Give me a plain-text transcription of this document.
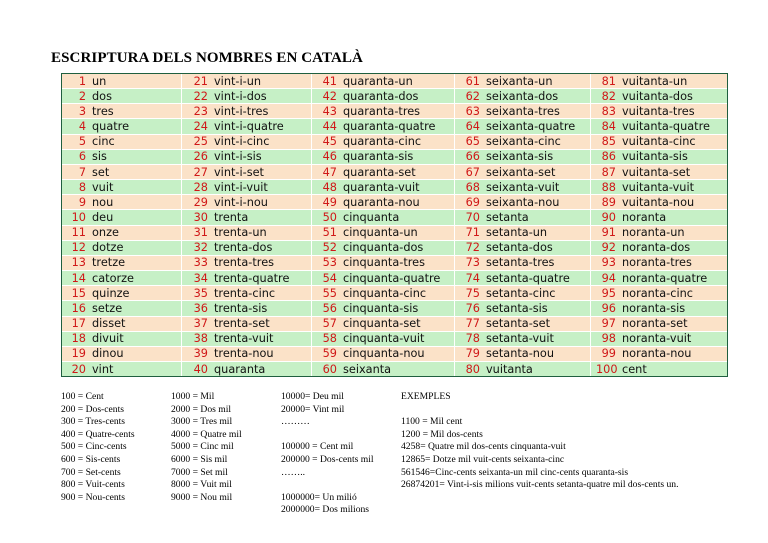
ESCRIPTURA DELS NOMBRES EN CATALÀ
1 un	21 vint-i-un	41 quaranta-un	61 seixanta-un	81 vuitanta-un
2 dos	22 vint-i-dos	42 quaranta-dos	62 seixanta-dos	82 vuitanta-dos
3 tres	23 vint-i-tres	43 quaranta-tres	63 seixanta-tres	83 vuitanta-tres
4 quatre	24 vint-i-quatre	44 quaranta-quatre	64 seixanta-quatre	84 vuitanta-quatre
5 cinc	25 vint-i-cinc	45 quaranta-cinc	65 seixanta-cinc	85 vuitanta-cinc
6 sis	26 vint-i-sis	46 quaranta-sis	66 seixanta-sis	86 vuitanta-sis
7 set	27 vint-i-set	47 quaranta-set	67 seixanta-set	87 vuitanta-set
8 vuit	28 vint-i-vuit	48 quaranta-vuit	68 seixanta-vuit	88 vuitanta-vuit
9 nou	29 vint-i-nou	49 quaranta-nou	69 seixanta-nou	89 vuitanta-nou
10 deu	30 trenta	50 cinquanta	70 setanta	90 noranta
11 onze	31 trenta-un	51 cinquanta-un	71 setanta-un	91 noranta-un
12 dotze	32 trenta-dos	52 cinquanta-dos	72 setanta-dos	92 noranta-dos
13 tretze	33 trenta-tres	53 cinquanta-tres	73 setanta-tres	93 noranta-tres
14 catorze	34 trenta-quatre	54 cinquanta-quatre	74 setanta-quatre	94 noranta-quatre
15 quinze	35 trenta-cinc	55 cinquanta-cinc	75 setanta-cinc	95 noranta-cinc
16 setze	36 trenta-sis	56 cinquanta-sis	76 setanta-sis	96 noranta-sis
17 disset	37 trenta-set	57 cinquanta-set	77 setanta-set	97 noranta-set
18 divuit	38 trenta-vuit	58 cinquanta-vuit	78 setanta-vuit	98 noranta-vuit
19 dinou	39 trenta-nou	59 cinquanta-nou	79 setanta-nou	99 noranta-nou
20 vint	40 quaranta	60 seixanta	80 vuitanta	100 cent
100 = Cent
200 = Dos-cents
300 = Tres-cents
400 = Quatre-cents
500 = Cinc-cents
600 = Sis-cents
700 = Set-cents
800 = Vuit-cents
900 = Nou-cents
1000 = Mil
2000 = Dos mil
3000 = Tres mil
4000 = Quatre mil
5000 = Cinc mil
6000 = Sis mil
7000 = Set mil
8000 = Vuit mil
9000 = Nou mil
10000= Deu mil
20000= Vint mil
………
100000 = Cent mil
200000 = Dos-cents mil
……..
1000000= Un milió
2000000= Dos milions
EXEMPLES
1100 = Mil cent
1200 = Mil dos-cents
4258= Quatre mil dos-cents cinquanta-vuit
12865= Dotze mil vuit-cents seixanta-cinc
561546=Cinc-cents seixanta-un mil cinc-cents quaranta-sis
26874201= Vint-i-sis milions vuit-cents setanta-quatre mil dos-cents un.
